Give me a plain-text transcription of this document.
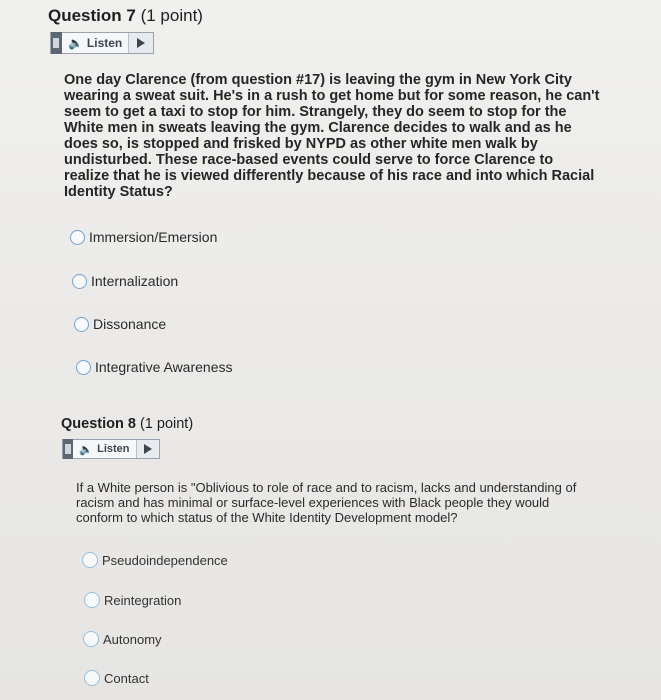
Question 7 (1 point)
🔈 Listen
One day Clarence (from question #17) is leaving the gym in New York City wearing a sweat suit. He's in a rush to get home but for some reason, he can't seem to get a taxi to stop for him. Strangely, they do seem to stop for the White men in sweats leaving the gym. Clarence decides to walk and as he does so, is stopped and frisked by NYPD as other white men walk by undisturbed. These race-based events could serve to force Clarence to realize that he is viewed differently because of his race and into which Racial Identity Status?
Immersion/Emersion
Internalization
Dissonance
Integrative Awareness
Question 8 (1 point)
🔈 Listen
If a White person is "Oblivious to role of race and to racism, lacks and understanding of racism and has minimal or surface-level experiences with Black people they would conform to which status of the White Identity Development model?
Pseudoindependence
Reintegration
Autonomy
Contact
